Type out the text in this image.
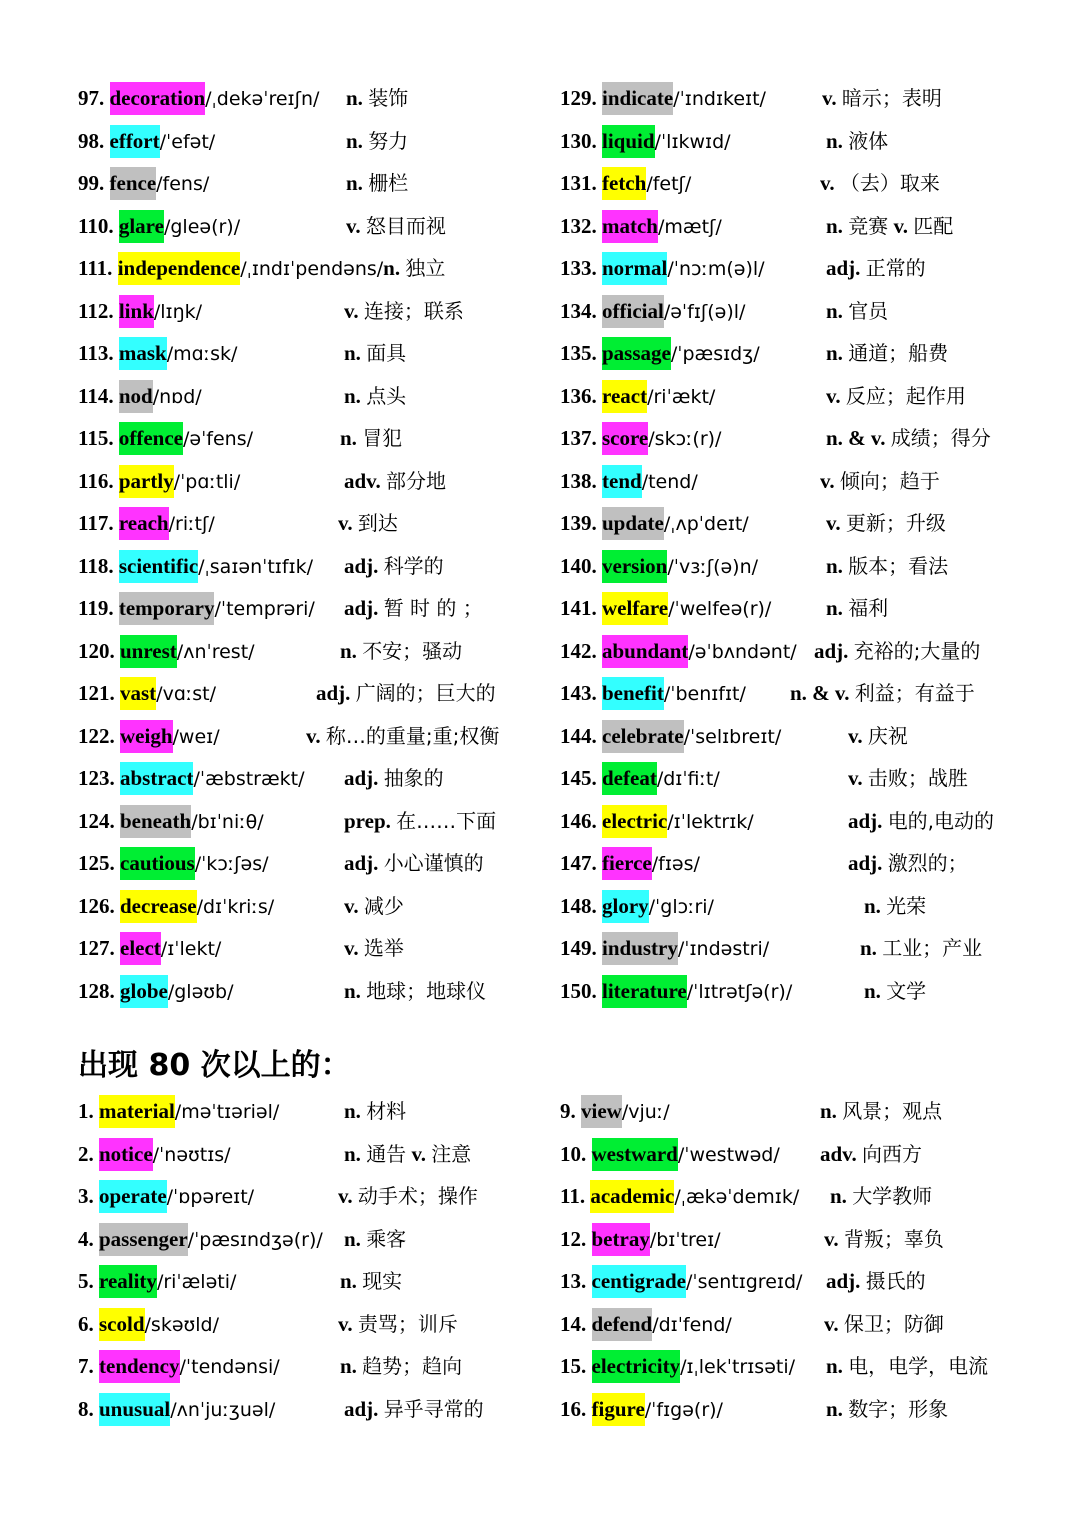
97. decoration/ˌdekəˈreɪʃn/ n. 装饰
98. effort/ˈefət/	n. 努力
99. fence/fens/	n. 栅栏
110. glare/gleə(r)/	v. 怒目而视
111. independence/ˌɪndɪˈpendəns/n. 独立
112. link/lɪŋk/	v. 连接；联系
113. mask/mɑːsk/	n. 面具
114. nod/nɒd/	n. 点头
115. offence/əˈfens/	n. 冒犯
116. partly/ˈpɑːtli/	adv. 部分地
117. reach/riːtʃ/	v. 到达
118. scientific/ˌsaɪənˈtɪfɪk/ adj. 科学的
119. temporary/ˈtemprəri/ adj. 暂 时 的 ；
120. unrest/ʌnˈrest/	n. 不安；骚动
121. vast/vɑːst/	adj. 广阔的；巨大的
122. weigh/weɪ/	v. 称…的重量;重;权衡
123. abstract/ˈæbstrækt/ adj. 抽象的
124. beneath/bɪˈniːθ/	prep. 在……下面
125. cautious/ˈkɔːʃəs/	adj. 小心谨慎的
126. decrease/dɪˈkriːs/	v. 减少
127. elect/ɪˈlekt/	v. 选举
128. globe/gləʊb/	n. 地球；地球仪
129. indicate/ˈɪndɪkeɪt/	v. 暗示；表明
130. liquid/ˈlɪkwɪd/	n. 液体
131. fetch/fetʃ/	v. （去）取来
132. match/mætʃ/	n. 竞赛 v. 匹配
133. normal/ˈnɔːm(ə)l/	adj. 正常的
134. official/əˈfɪʃ(ə)l/	n. 官员
135. passage/ˈpæsɪdʒ/	n. 通道；船费
136. react/riˈækt/	v. 反应；起作用
137. score/skɔː(r)/	n. & v. 成绩；得分
138. tend/tend/	v. 倾向；趋于
139. update/ˌʌpˈdeɪt/	v. 更新；升级
140. version/ˈvɜːʃ(ə)n/	n. 版本；看法
141. welfare/ˈwelfeə(r)/	n. 福利
142. abundant/əˈbʌndənt/ adj. 充裕的;大量的
143. benefit/ˈbenɪfɪt/ n. & v. 利益；有益于
144. celebrate/ˈselɪbreɪt/	v. 庆祝
145. defeat/dɪˈfiːt/	v. 击败；战胜
146. electric/ɪˈlektrɪk/	adj. 电的,电动的
147. fierce/fɪəs/	adj. 激烈的；
148. glory/ˈglɔːri/	n. 光荣
149. industry/ˈɪndəstri/	n. 工业；产业
150. literature/ˈlɪtrətʃə(r)/	n. 文学
出现 80 次以上的：
1. material/məˈtɪəriəl/	n. 材料
2. notice/ˈnəʊtɪs/	n. 通告 v. 注意
3. operate/ˈɒpəreɪt/	v. 动手术；操作
4. passenger/ˈpæsɪndʒə(r)/ n. 乘客
5. reality/riˈæləti/	n. 现实
6. scold/skəʊld/	v. 责骂；训斥
7. tendency/ˈtendənsi/	n. 趋势；趋向
8. unusual/ʌnˈjuːʒuəl/	adj. 异乎寻常的
9. view/vjuː/	n. 风景；观点
10. westward/ˈwestwəd/ adv. 向西方
11. academic/ˌækəˈdemɪk/ n. 大学教师
12. betray/bɪˈtreɪ/	v. 背叛；辜负
13. centigrade/ˈsentɪgreɪd/ adj. 摄氏的
14. defend/dɪˈfend/	v. 保卫；防御
15. electricity/ɪˌlekˈtrɪsəti/ n. 电，电学，电流
16. figure/ˈfɪgə(r)/	n. 数字；形象
